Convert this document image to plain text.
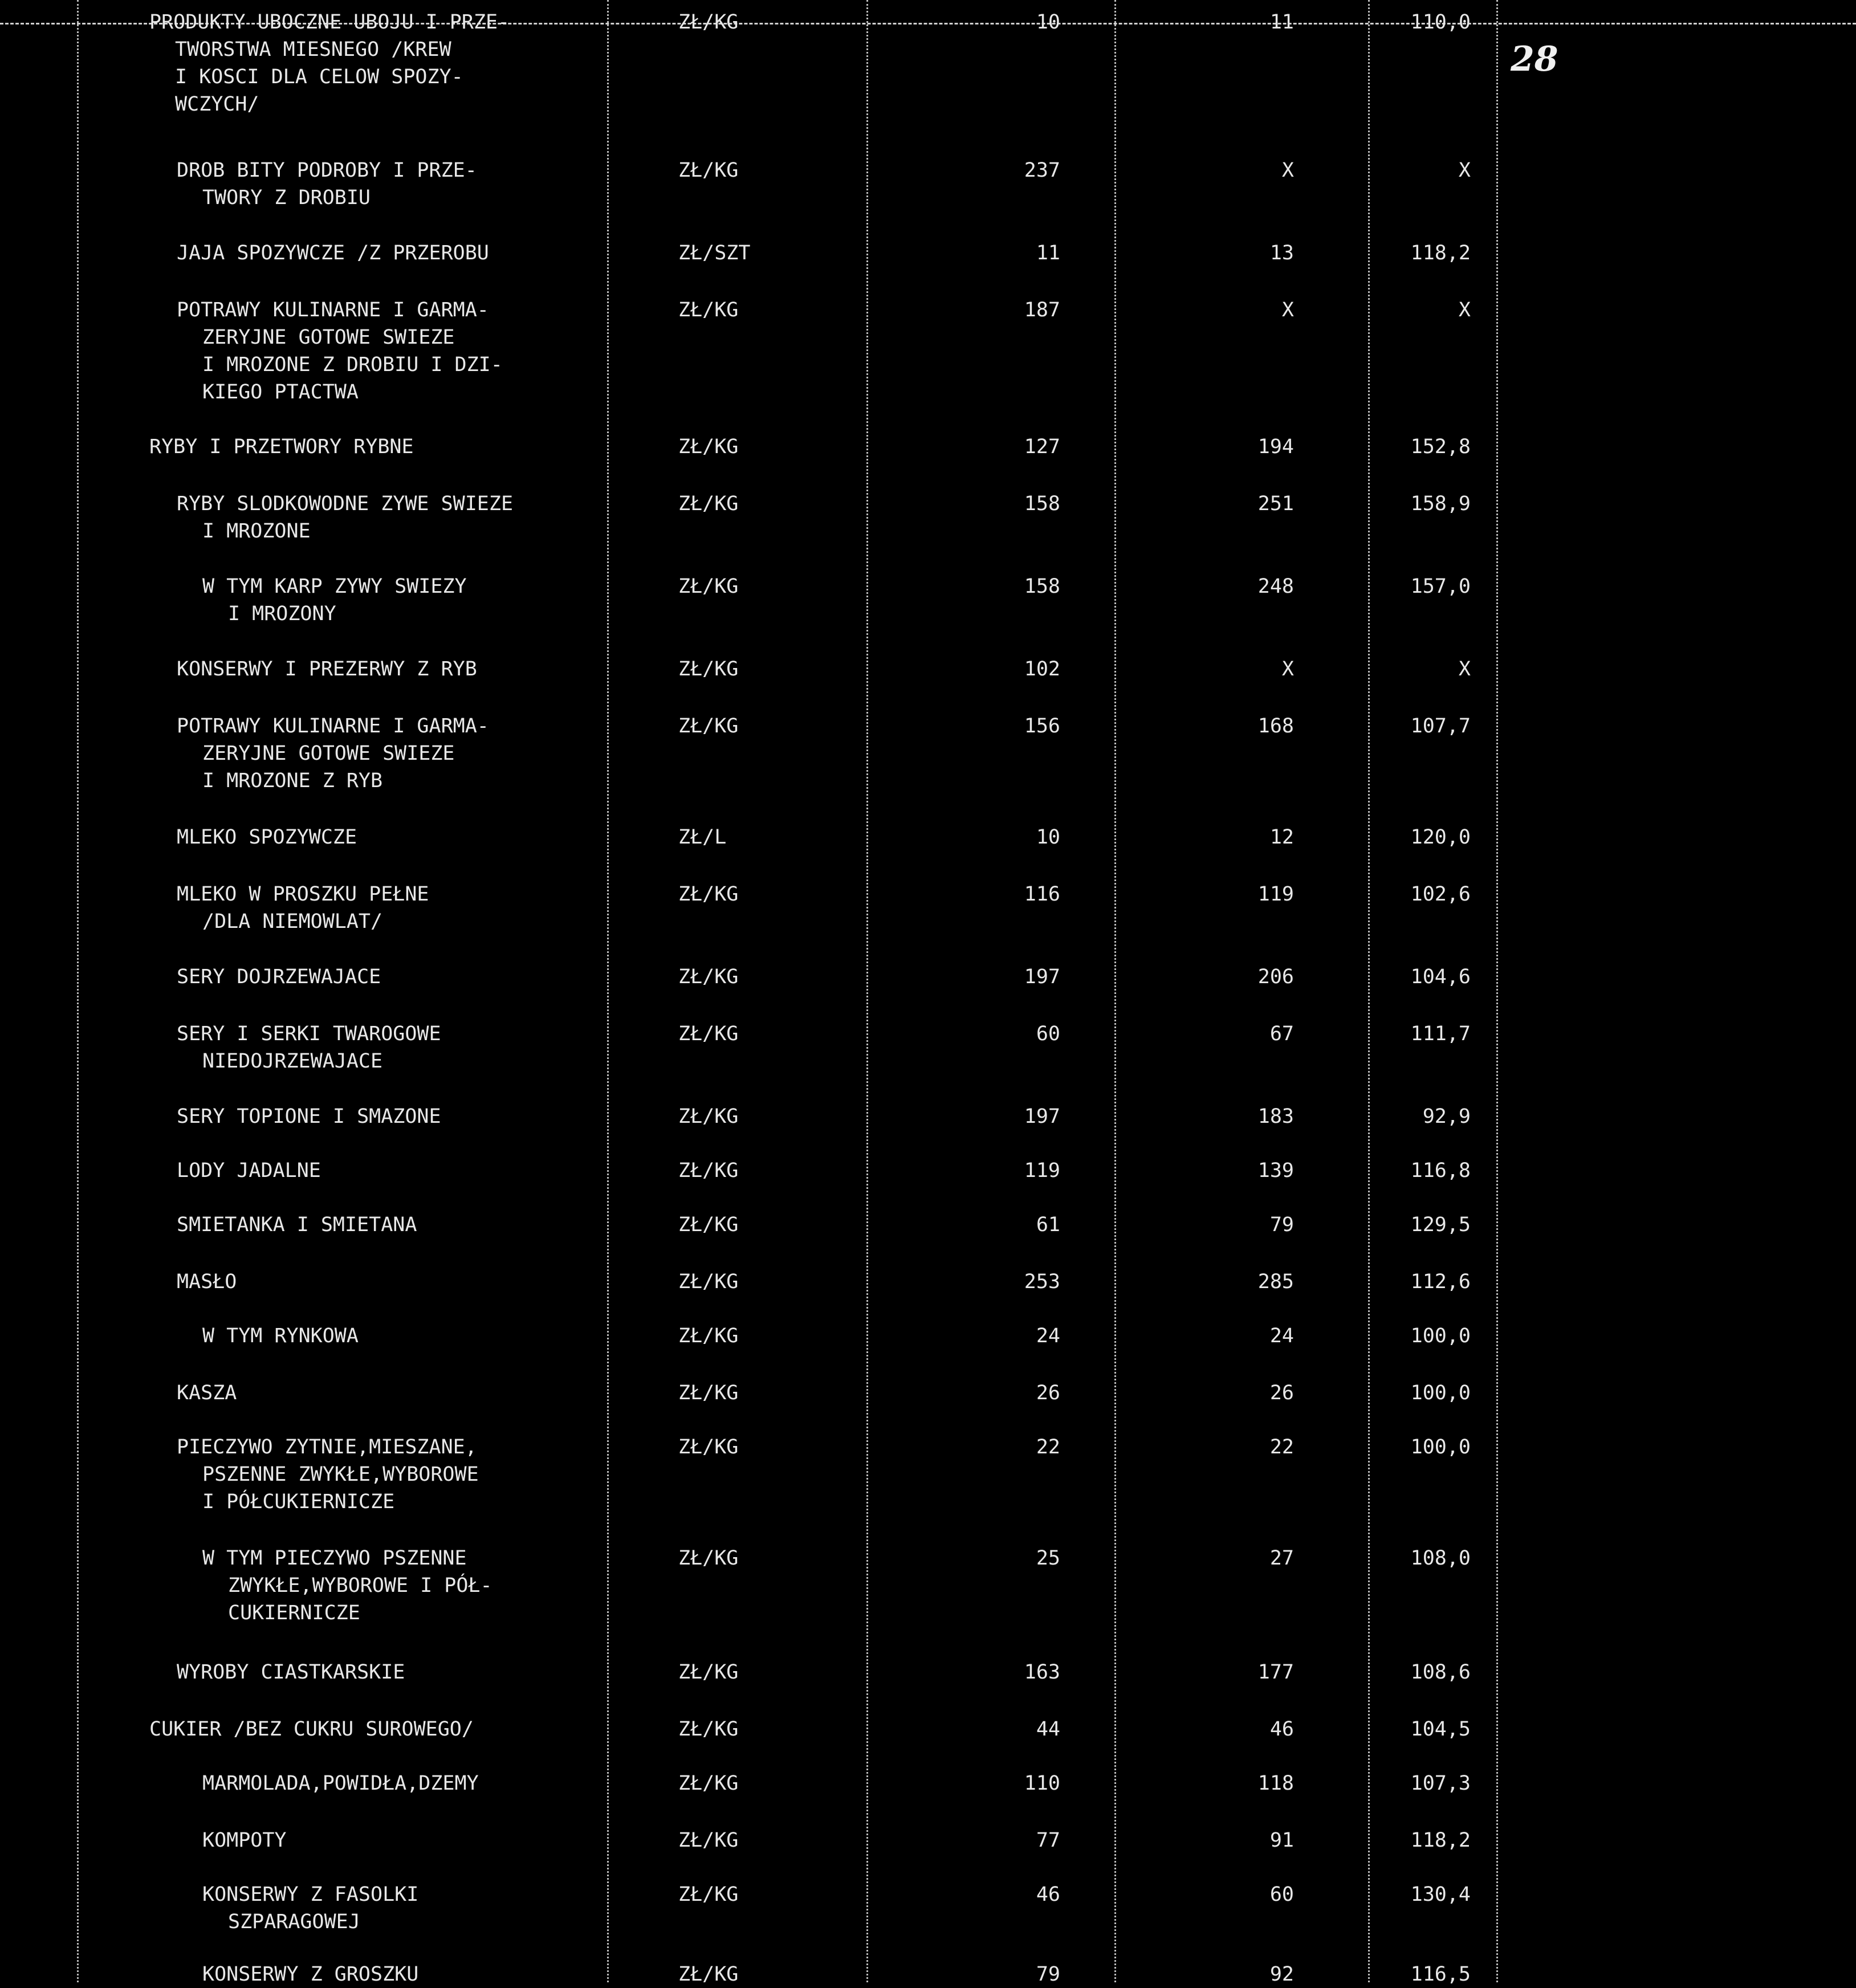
28
PRODUKTY UBOCZNE UBOJU I PRZE-
TWORSTWA MIESNEGO /KREW
I KOSCI DLA CELOW SPOZY-
WCZYCH/
ZŁ/KG	10	11	110,0
DROB BITY PODROBY I PRZE-
TWORY Z DROBIU
ZŁ/KG	237	X	X
JAJA SPOZYWCZE /Z PRZEROBU	ZŁ/SZT	11	13	118,2
POTRAWY KULINARNE I GARMA-
ZERYJNE GOTOWE SWIEZE
I MROZONE Z DROBIU I DZI-
KIEGO PTACTWA
ZŁ/KG	187	X	X
RYBY I PRZETWORY RYBNE	ZŁ/KG	127	194	152,8
RYBY SLODKOWODNE ZYWE SWIEZE
I MROZONE
ZŁ/KG	158	251	158,9
W TYM KARP ZYWY SWIEZY
I MROZONY
ZŁ/KG	158	248	157,0
KONSERWY I PREZERWY Z RYB	ZŁ/KG	102	X	X
POTRAWY KULINARNE I GARMA-
ZERYJNE GOTOWE SWIEZE
I MROZONE Z RYB
ZŁ/KG	156	168	107,7
MLEKO SPOZYWCZE	ZŁ/L	10	12	120,0
MLEKO W PROSZKU PEŁNE
/DLA NIEMOWLAT/
ZŁ/KG	116	119	102,6
SERY DOJRZEWAJACE	ZŁ/KG	197	206	104,6
SERY I SERKI TWAROGOWE
NIEDOJRZEWAJACE
ZŁ/KG	60	67	111,7
SERY TOPIONE I SMAZONE	ZŁ/KG	197	183	92,9
LODY JADALNE	ZŁ/KG	119	139	116,8
SMIETANKA I SMIETANA	ZŁ/KG	61	79	129,5
MASŁO	ZŁ/KG	253	285	112,6
W TYM RYNKOWA	ZŁ/KG	24	24	100,0
KASZA	ZŁ/KG	26	26	100,0
PIECZYWO ZYTNIE,MIESZANE,
PSZENNE ZWYKŁE,WYBOROWE
I PÓŁCUKIERNICZE
ZŁ/KG	22	22	100,0
W TYM PIECZYWO PSZENNE
ZWYKŁE,WYBOROWE I PÓŁ-
CUKIERNICZE
ZŁ/KG	25	27	108,0
WYROBY CIASTKARSKIE	ZŁ/KG	163	177	108,6
CUKIER /BEZ CUKRU SUROWEGO/	ZŁ/KG	44	46	104,5
MARMOLADA,POWIDŁA,DZEMY	ZŁ/KG	110	118	107,3
KOMPOTY	ZŁ/KG	77	91	118,2
KONSERWY Z FASOLKI
SZPARAGOWEJ
ZŁ/KG	46	60	130,4
KONSERWY Z GROSZKU	ZŁ/KG	79	92	116,5
